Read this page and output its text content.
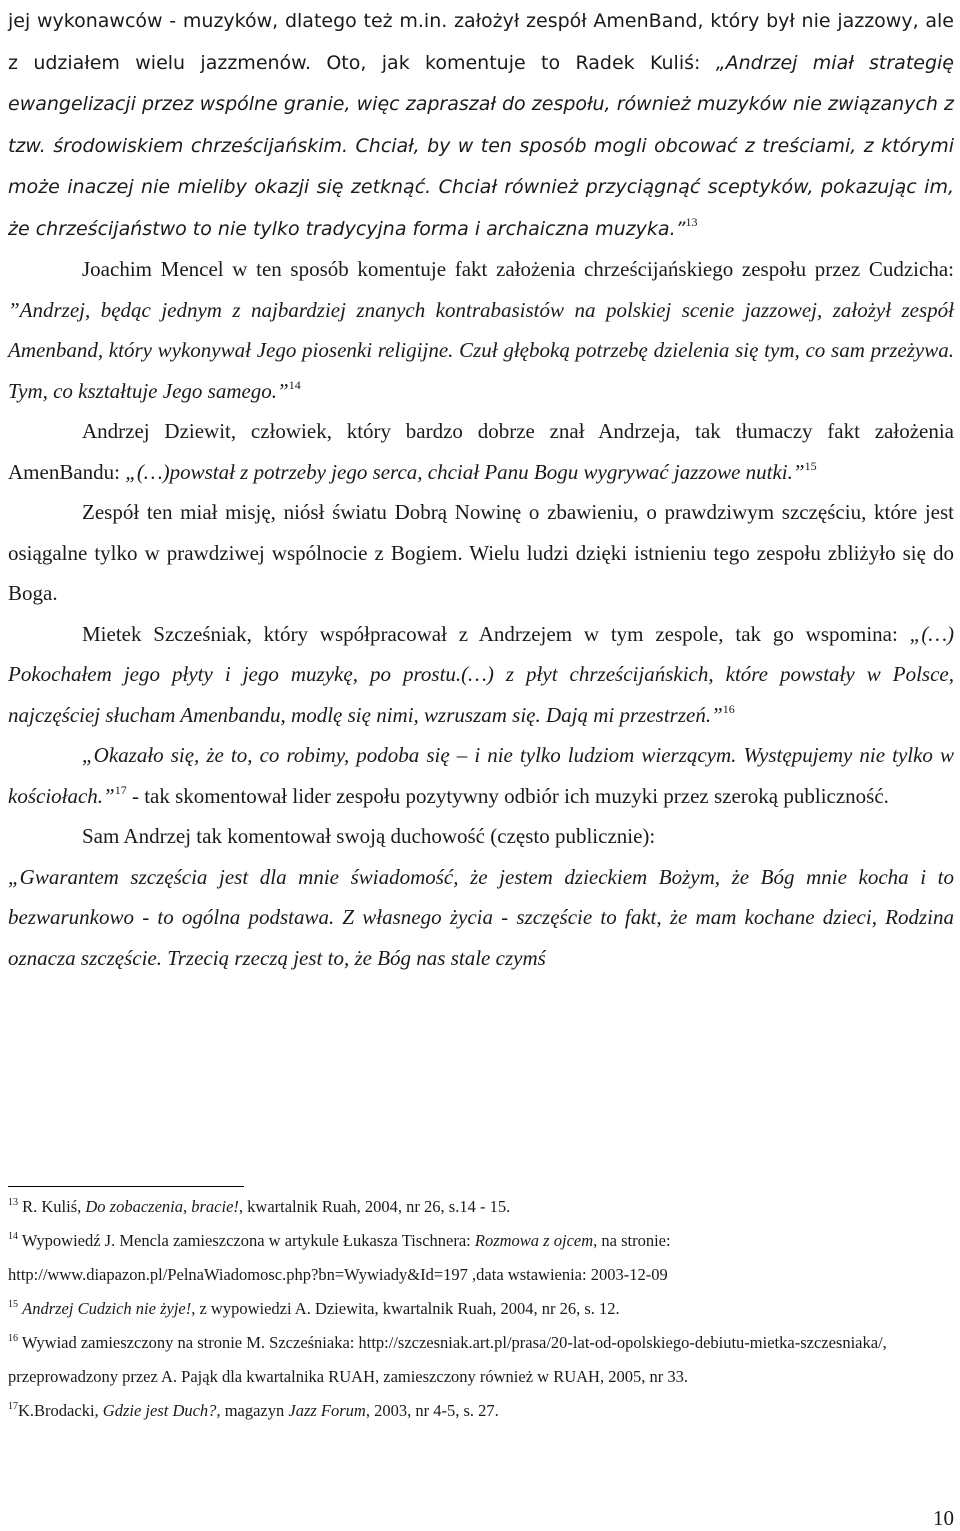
jej wykonawców - muzyków, dlatego też m.in. założył zespół AmenBand, który był nie jazzowy, ale z udziałem wielu jazzmenów. Oto, jak komentuje to Radek Kuliś: „Andrzej miał strategię ewangelizacji przez wspólne granie, więc zapraszał do zespołu, również muzyków nie związanych z tzw. środowiskiem chrześcijańskim. Chciał, by w ten sposób mogli obcować z treściami, z którymi może inaczej nie mieliby okazji się zetknąć. Chciał również przyciągnąć sceptyków, pokazując im, że chrześcijaństwo to nie tylko tradycyjna forma i archaiczna muzyka.”$^{13}$

Joachim Mencel w ten sposób komentuje fakt założenia chrześcijańskiego zespołu przez Cudzicha: ”Andrzej, będąc jednym z najbardziej znanych kontrabasistów na polskiej scenie jazzowej, założył zespół Amenband, który wykonywał Jego piosenki religijne. Czuł głęboką potrzebę dzielenia się tym, co sam przeżywa. Tym, co kształtuje Jego samego.”$^{14}$

Andrzej Dziewit, człowiek, który bardzo dobrze znał Andrzeja, tak tłumaczy fakt założenia AmenBandu: „(…)powstał z potrzeby jego serca, chciał Panu Bogu wygrywać jazzowe nutki.”$^{15}$

Zespół ten miał misję, niósł światu Dobrą Nowinę o zbawieniu, o prawdziwym szczęściu, które jest osiągalne tylko w prawdziwej wspólnocie z Bogiem. Wielu ludzi dzięki istnieniu tego zespołu zbliżyło się do Boga.

Mietek Szcześniak, który współpracował z Andrzejem w tym zespole, tak go wspomina: „(…) Pokochałem jego płyty i jego muzykę, po prostu.(…) z płyt chrześcijańskich, które powstały w Polsce, najczęściej słucham Amenbandu, modlę się nimi, wzruszam się. Dają mi przestrzeń.”$^{16}$

„Okazało się, że to, co robimy, podoba się – i nie tylko ludziom wierzącym. Występujemy nie tylko w kościołach.”$^{17}$ - tak skomentował lider zespołu pozytywny odbiór ich muzyki przez szeroką publiczność.

Sam Andrzej tak komentował swoją duchowość (często publicznie):

„Gwarantem szczęścia jest dla mnie świadomość, że jestem dzieckiem Bożym, że Bóg mnie kocha i to bezwarunkowo - to ogólna podstawa. Z własnego życia - szczęście to fakt, że mam kochane dzieci, Rodzina oznacza szczęście. Trzecią rzeczą jest to, że Bóg nas stale czymś

$^{13}$ R. Kuliś, Do zobaczenia, bracie!, kwartalnik Ruah, 2004, nr 26, s.14 - 15.

$^{14}$ Wypowiedź J. Mencla zamieszczona w artykule Łukasza Tischnera: Rozmowa z ojcem, na stronie: http://www.diapazon.pl/PelnaWiadomosc.php?bn=Wywiady&Id=197 ,data wstawienia: 2003-12-09

$^{15}$ Andrzej Cudzich nie żyje!, z wypowiedzi A. Dziewita, kwartalnik Ruah, 2004, nr 26, s. 12.

$^{16}$ Wywiad zamieszczony na stronie M. Szcześniaka: http://szczesniak.art.pl/prasa/20-lat-od-opolskiego-debiutu-mietka-szczesniaka/, przeprowadzony przez A. Pająk dla kwartalnika RUAH, zamieszczony również w RUAH, 2005, nr 33.

$^{17}$K.Brodacki, Gdzie jest Duch?, magazyn Jazz Forum, 2003, nr 4-5, s. 27.

10
